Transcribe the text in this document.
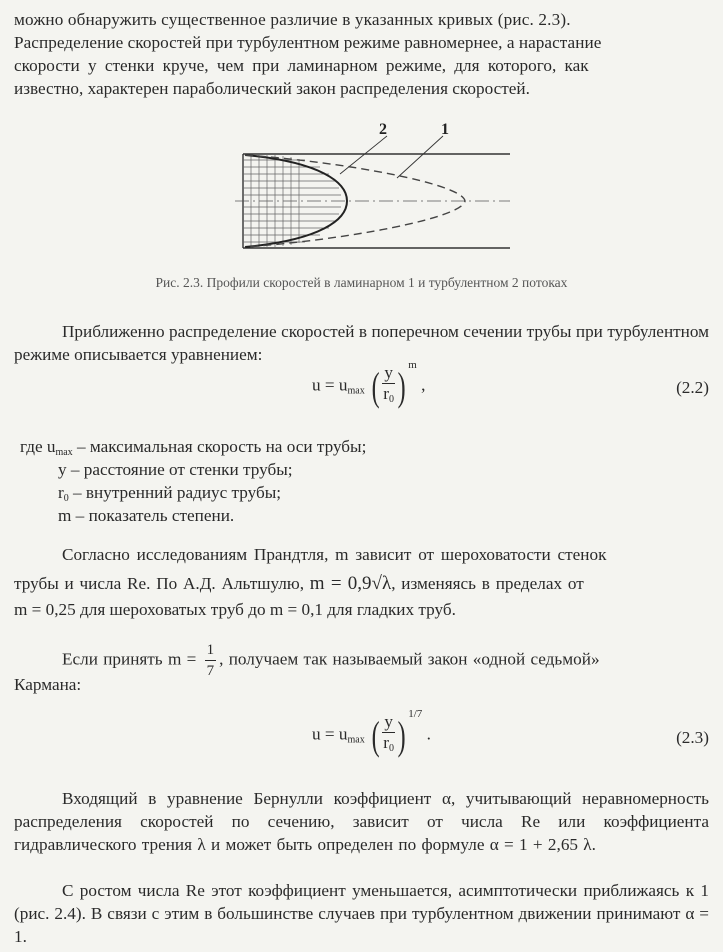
можно обнаружить существенное различие в указанных кривых (рис. 2.3).

Распределение скоростей при турбулентном режиме равномернее, а нарастание

скорости у стенки круче, чем при ламинарном режиме, для которого, как

известно, характерен параболический закон распределения скоростей.

2	1
Рис. 2.3. Профили скоростей в ламинарном 1 и турбулентном 2 потоках

Приближенно распределение скоростей в поперечном сечении трубы при турбулентном режиме описывается уравнением:

$u = u_{max}$ ( $\frac{y}{r_0}$ ) $^m$ ,	(2.2)
где $u_{max}$ – максимальная скорость на оси трубы;
y – расстояние от стенки трубы;
$r_0$ – внутренний радиус трубы;
m – показатель степени.

Согласно исследованиям Прандтля, m зависит от шероховатости стенок

трубы и числа Re. По А.Д. Альтшулю, m = 0,9√λ, изменяясь в пределах от

m = 0,25 для шероховатых труб до m = 0,1 для гладких труб.

Если принять $m = \frac{1}{7}$ , получаем так называемый закон «одной седьмой»

Кармана:

$u = u_{max}$ ( $\frac{y}{r_0}$ ) $^{1/7}$ .	(2.3)

Входящий в уравнение Бернулли коэффициент α, учитывающий неравномерность распределения скоростей по сечению, зависит от числа Re или коэффициента гидравлического трения λ и может быть определен по формуле α = 1 + 2,65 λ.

С ростом числа Re этот коэффициент уменьшается, асимптотически приближаясь к 1 (рис. 2.4). В связи с этим в большинстве случаев при турбулентном движении принимают α = 1.
